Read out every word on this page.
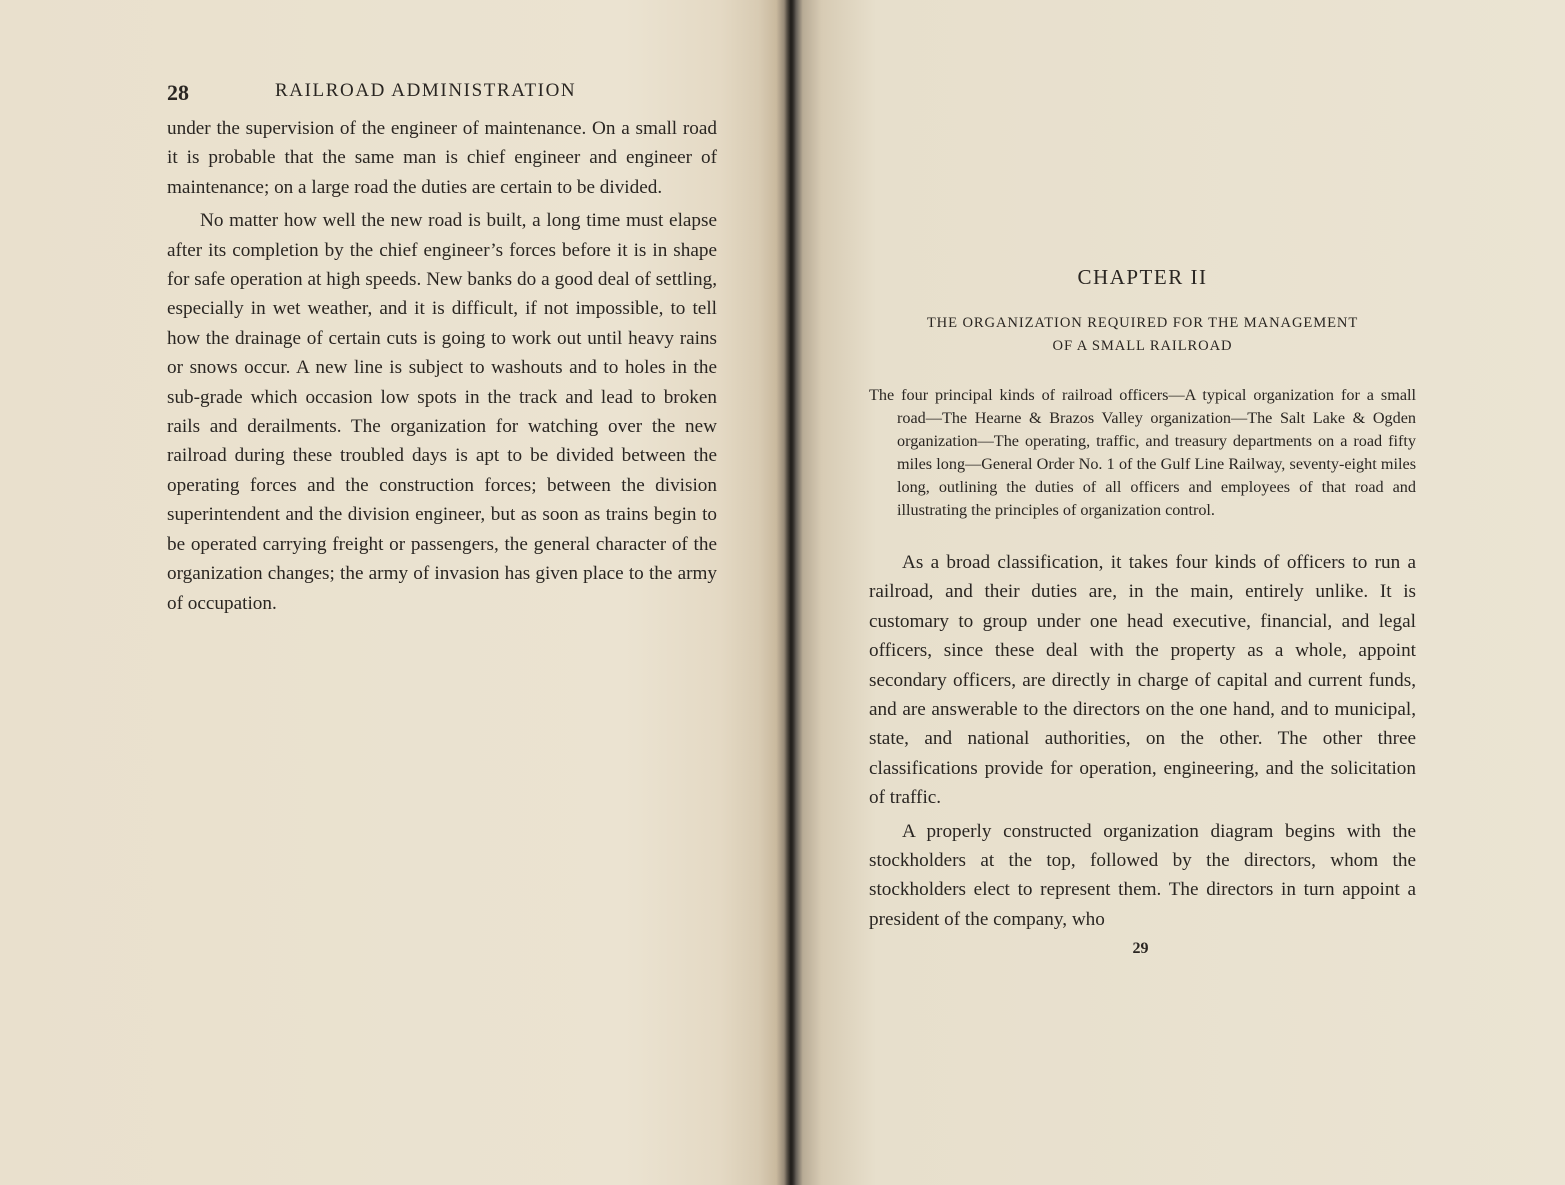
28	RAILROAD ADMINISTRATION

under the supervision of the engineer of maintenance. On a small road it is probable that the same man is chief engineer and engineer of maintenance; on a large road the duties are certain to be divided.

No matter how well the new road is built, a long time must elapse after its completion by the chief engineer’s forces before it is in shape for safe operation at high speeds. New banks do a good deal of settling, especially in wet weather, and it is difficult, if not impossible, to tell how the drainage of certain cuts is going to work out until heavy rains or snows occur. A new line is subject to washouts and to holes in the sub-grade which occasion low spots in the track and lead to broken rails and derailments. The organization for watching over the new railroad during these troubled days is apt to be divided between the operating forces and the construction forces; between the division superintendent and the division engineer, but as soon as trains begin to be operated carrying freight or passengers, the general character of the organization changes; the army of invasion has given place to the army of occupation.

CHAPTER II
THE ORGANIZATION REQUIRED FOR THE MANAGEMENT
OF A SMALL RAILROAD
The four principal kinds of railroad officers—A typical organization for a small road—The Hearne & Brazos Valley organization—The Salt Lake & Ogden organization—The operating, traffic, and treasury departments on a road fifty miles long—General Order No. 1 of the Gulf Line Railway, seventy-eight miles long, outlining the duties of all officers and employees of that road and illustrating the principles of organization control.

As a broad classification, it takes four kinds of officers to run a railroad, and their duties are, in the main, entirely unlike. It is customary to group under one head executive, financial, and legal officers, since these deal with the property as a whole, appoint secondary officers, are directly in charge of capital and current funds, and are answerable to the directors on the one hand, and to municipal, state, and national authorities, on the other. The other three classifications provide for operation, engineering, and the solicitation of traffic.

A properly constructed organization diagram begins with the stockholders at the top, followed by the directors, whom the stockholders elect to represent them. The directors in turn appoint a president of the company, who

29
